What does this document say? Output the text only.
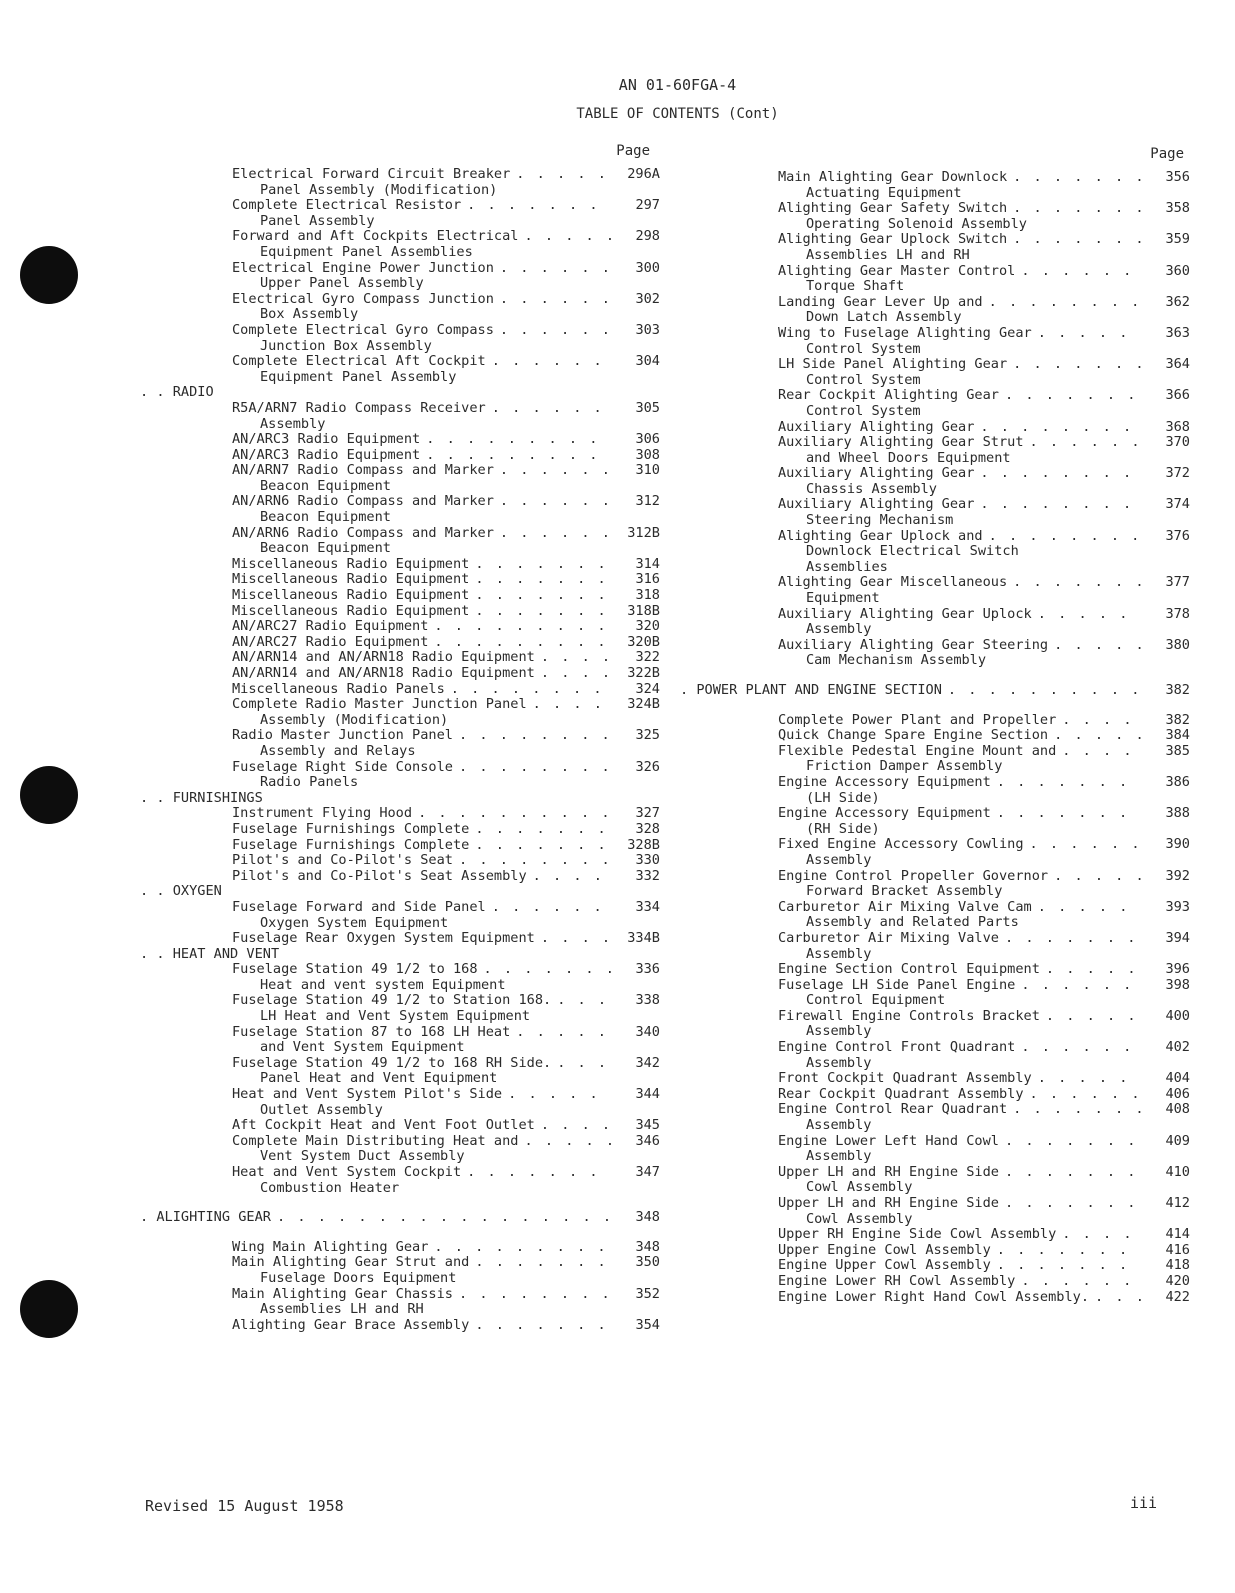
AN 01-60FGA-4
TABLE OF CONTENTS (Cont)
Page
Electrical Forward Circuit Breaker . . .	296A
Panel Assembly (Modification)
Complete Electrical Resistor . . .	297
Panel Assembly
Forward and Aft Cockpits Electrical . . .	298
Equipment Panel Assemblies
Electrical Engine Power Junction . . .	300
Upper Panel Assembly
Electrical Gyro Compass Junction . . .	302
Box Assembly
Complete Electrical Gyro Compass . . .	303
Junction Box Assembly
Complete Electrical Aft Cockpit . . .	304
Equipment Panel Assembly
. . RADIO
R5A/ARN7 Radio Compass Receiver . . .	305
Assembly
AN/ARC3 Radio Equipment . . .	306
AN/ARC3 Radio Equipment . . .	308
AN/ARN7 Radio Compass and Marker . . .	310
Beacon Equipment
AN/ARN6 Radio Compass and Marker . . .	312
Beacon Equipment
AN/ARN6 Radio Compass and Marker . . .	312B
Beacon Equipment
Miscellaneous Radio Equipment . . .	314
Miscellaneous Radio Equipment . . .	316
Miscellaneous Radio Equipment . . .	318
Miscellaneous Radio Equipment . . .	318B
AN/ARC27 Radio Equipment . . .	320
AN/ARC27 Radio Equipment . . .	320B
AN/ARN14 and AN/ARN18 Radio Equipment . . .	322
AN/ARN14 and AN/ARN18 Radio Equipment . . .	322B
Miscellaneous Radio Panels . . .	324
Complete Radio Master Junction Panel . . .	324B
Assembly (Modification)
Radio Master Junction Panel . . .	325
Assembly and Relays
Fuselage Right Side Console . . .	326
Radio Panels
. . FURNISHINGS
Instrument Flying Hood . . .	327
Fuselage Furnishings Complete . . .	328
Fuselage Furnishings Complete . . .	328B
Pilot's and Co-Pilot's Seat . . .	330
Pilot's and Co-Pilot's Seat Assembly . . .	332
. . OXYGEN
Fuselage Forward and Side Panel . . .	334
Oxygen System Equipment
Fuselage Rear Oxygen System Equipment . . .	334B
. . HEAT AND VENT
Fuselage Station 49 1/2 to 168 . . .	336
Heat and vent system Equipment
Fuselage Station 49 1/2 to Station 168. . . .	338
LH Heat and Vent System Equipment
Fuselage Station 87 to 168 LH Heat . . .	340
and Vent System Equipment
Fuselage Station 49 1/2 to 168 RH Side. . . .	342
Panel Heat and Vent Equipment
Heat and Vent System Pilot's Side . . .	344
Outlet Assembly
Aft Cockpit Heat and Vent Foot Outlet . . .	345
Complete Main Distributing Heat and . . .	346
Vent System Duct Assembly
Heat and Vent System Cockpit . . .	347
Combustion Heater
. ALIGHTING GEAR . . .	348
Wing Main Alighting Gear . . .	348
Main Alighting Gear Strut and . . .	350
Fuselage Doors Equipment
Main Alighting Gear Chassis . . .	352
Assemblies LH and RH
Alighting Gear Brace Assembly . . .	354
Page
Main Alighting Gear Downlock . . .	356
Actuating Equipment
Alighting Gear Safety Switch . . .	358
Operating Solenoid Assembly
Alighting Gear Uplock Switch . . .	359
Assemblies LH and RH
Alighting Gear Master Control . . .	360
Torque Shaft
Landing Gear Lever Up and . . .	362
Down Latch Assembly
Wing to Fuselage Alighting Gear . . .	363
Control System
LH Side Panel Alighting Gear . . .	364
Control System
Rear Cockpit Alighting Gear . . .	366
Control System
Auxiliary Alighting Gear . . .	368
Auxiliary Alighting Gear Strut . . .	370
and Wheel Doors Equipment
Auxiliary Alighting Gear . . .	372
Chassis Assembly
Auxiliary Alighting Gear . . .	374
Steering Mechanism
Alighting Gear Uplock and . . .	376
Downlock Electrical Switch
Assemblies
Alighting Gear Miscellaneous . . .	377
Equipment
Auxiliary Alighting Gear Uplock . . .	378
Assembly
Auxiliary Alighting Gear Steering . . .	380
Cam Mechanism Assembly
. POWER PLANT AND ENGINE SECTION . . .	382
Complete Power Plant and Propeller . . .	382
Quick Change Spare Engine Section . . .	384
Flexible Pedestal Engine Mount and . . .	385
Friction Damper Assembly
Engine Accessory Equipment . . .	386
(LH Side)
Engine Accessory Equipment . . .	388
(RH Side)
Fixed Engine Accessory Cowling . . .	390
Assembly
Engine Control Propeller Governor . . .	392
Forward Bracket Assembly
Carburetor Air Mixing Valve Cam . . .	393
Assembly and Related Parts
Carburetor Air Mixing Valve . . .	394
Assembly
Engine Section Control Equipment . . .	396
Fuselage LH Side Panel Engine . . .	398
Control Equipment
Firewall Engine Controls Bracket . . .	400
Assembly
Engine Control Front Quadrant . . .	402
Assembly
Front Cockpit Quadrant Assembly . . .	404
Rear Cockpit Quadrant Assembly . . .	406
Engine Control Rear Quadrant . . .	408
Assembly
Engine Lower Left Hand Cowl . . .	409
Assembly
Upper LH and RH Engine Side . . .	410
Cowl Assembly
Upper LH and RH Engine Side . . .	412
Cowl Assembly
Upper RH Engine Side Cowl Assembly . . .	414
Upper Engine Cowl Assembly . . .	416
Engine Upper Cowl Assembly . . .	418
Engine Lower RH Cowl Assembly . . .	420
Engine Lower Right Hand Cowl Assembly. . . .	422
Revised 15 August 1958	iii
